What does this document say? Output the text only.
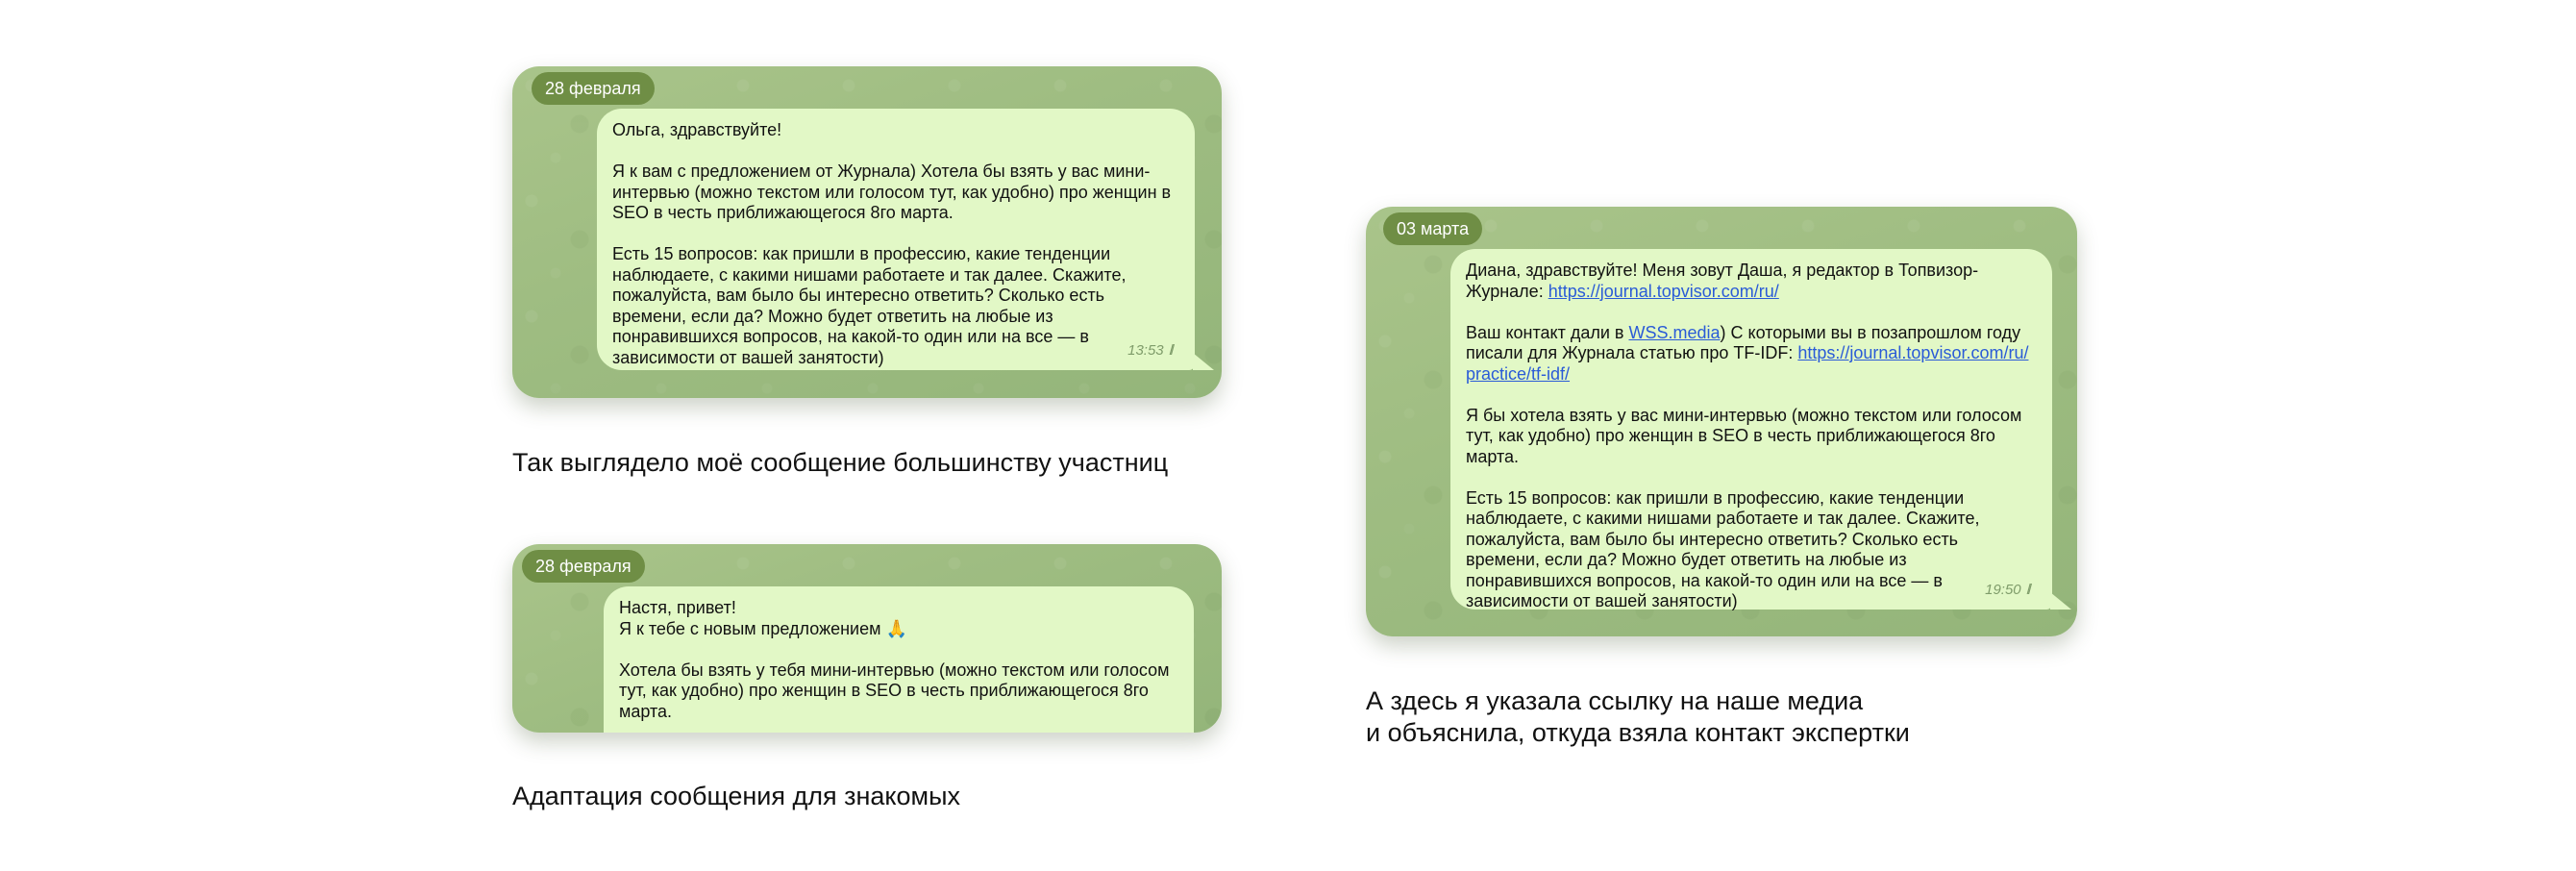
28 февраля

Ольга, здравствуйте!

Я к вам с предложением от Журнала) Хотела бы взять у вас мини-интервью (можно текстом или голосом тут, как удобно) про женщин в SEO в честь приближающегося 8го марта.

Есть 15 вопросов: как пришли в профессию, какие тенденции наблюдаете, с какими нишами работаете и так далее. Скажите, пожалуйста, вам было бы интересно ответить? Сколько есть времени, если да? Можно будет ответить на любые из понравившихся вопросов, на какой-то один или на все — в зависимости от вашей занятости)	13:53 //
Так выглядело моё сообщение большинству участниц
28 февраля

Настя, привет!
Я к тебе с новым предложением 🙏

Хотела бы взять у тебя мини-интервью (можно текстом или голосом тут, как удобно) про женщин в SEO в честь приближающегося 8го марта.

Адаптация сообщения для знакомых
03 марта

Диана, здравствуйте! Меня зовут Даша, я редактор в Топвизор-Журнале: https://journal.topvisor.com/ru/

Ваш контакт дали в WSS.media) С которыми вы в позапрошлом году писали для Журнала статью про TF-IDF: https://journal.topvisor.com/ru/practice/tf-idf/

Я бы хотела взять у вас мини-интервью (можно текстом или голосом тут, как удобно) про женщин в SEO в честь приближающегося 8го марта.

Есть 15 вопросов: как пришли в профессию, какие тенденции наблюдаете, с какими нишами работаете и так далее. Скажите, пожалуйста, вам было бы интересно ответить? Сколько есть времени, если да? Можно будет ответить на любые из понравившихся вопросов, на какой-то один или на все — в зависимости от вашей занятости)

19:50 //
А здесь я указала ссылку на наше медиа
и объяснила, откуда взяла контакт экспертки
